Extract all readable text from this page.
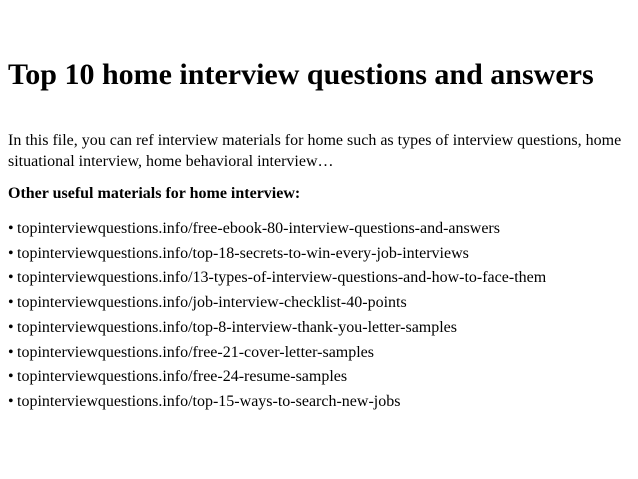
Top 10 home interview questions and answers

In this file, you can ref interview materials for home such as types of interview questions, home situational interview, home behavioral interview…

Other useful materials for home interview:

• topinterviewquestions.info/free-ebook-80-interview-questions-and-answers
• topinterviewquestions.info/top-18-secrets-to-win-every-job-interviews
• topinterviewquestions.info/13-types-of-interview-questions-and-how-to-face-them
• topinterviewquestions.info/job-interview-checklist-40-points
• topinterviewquestions.info/top-8-interview-thank-you-letter-samples
• topinterviewquestions.info/free-21-cover-letter-samples
• topinterviewquestions.info/free-24-resume-samples
• topinterviewquestions.info/top-15-ways-to-search-new-jobs
